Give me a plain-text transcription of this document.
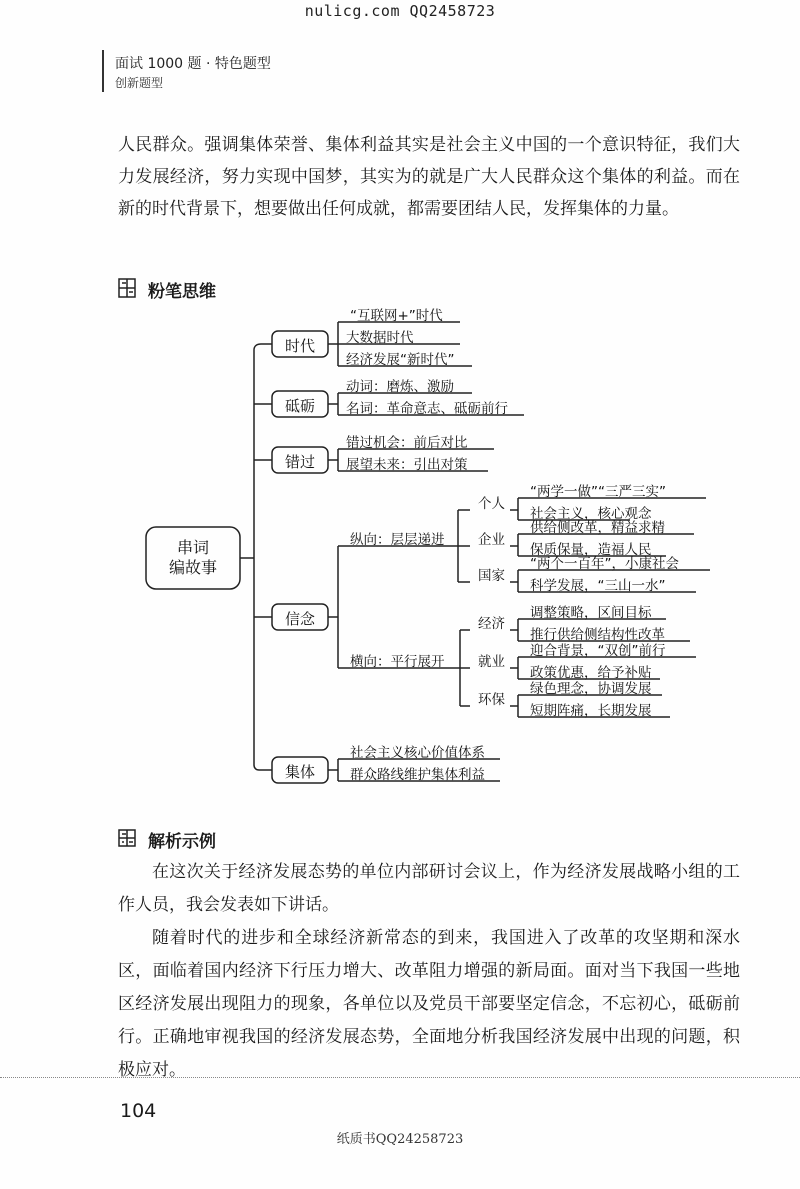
nulicg.com QQ2458723
面试 1000 题 · 特色题型
创新题型
人民群众。强调集体荣誉、集体利益其实是社会主义中国的一个意识特征，我们大力发展经济，努力实现中国梦，其实为的就是广大人民群众这个集体的利益。而在新的时代背景下，想要做出任何成就，都需要团结人民，发挥集体的力量。
粉笔思维
串词
编故事
时代
砥砺
错过
信念
集体
“互联网+”时代
大数据时代
经济发展“新时代”
动词：磨炼、激励
名词：革命意志、砥砺前行
错过机会：前后对比
展望未来：引出对策
纵向：层层递进
横向：平行展开
个人
企业
国家
经济
就业
环保
“两学一做”“三严三实”
社会主义，核心观念
供给侧改革，精益求精
保质保量，造福人民
“两个一百年”，小康社会
科学发展，“三山一水”
调整策略，区间目标
推行供给侧结构性改革
迎合背景，“双创”前行
政策优惠，给予补贴
绿色理念，协调发展
短期阵痛，长期发展
社会主义核心价值体系
群众路线维护集体利益
解析示例
在这次关于经济发展态势的单位内部研讨会议上，作为经济发展战略小组的工作人员，我会发表如下讲话。
随着时代的进步和全球经济新常态的到来，我国进入了改革的攻坚期和深水区，面临着国内经济下行压力增大、改革阻力增强的新局面。面对当下我国一些地区经济发展出现阻力的现象，各单位以及党员干部要坚定信念，不忘初心，砥砺前行。正确地审视我国的经济发展态势，全面地分析我国经济发展中出现的问题，积极应对。
104
纸质书QQ24258723
